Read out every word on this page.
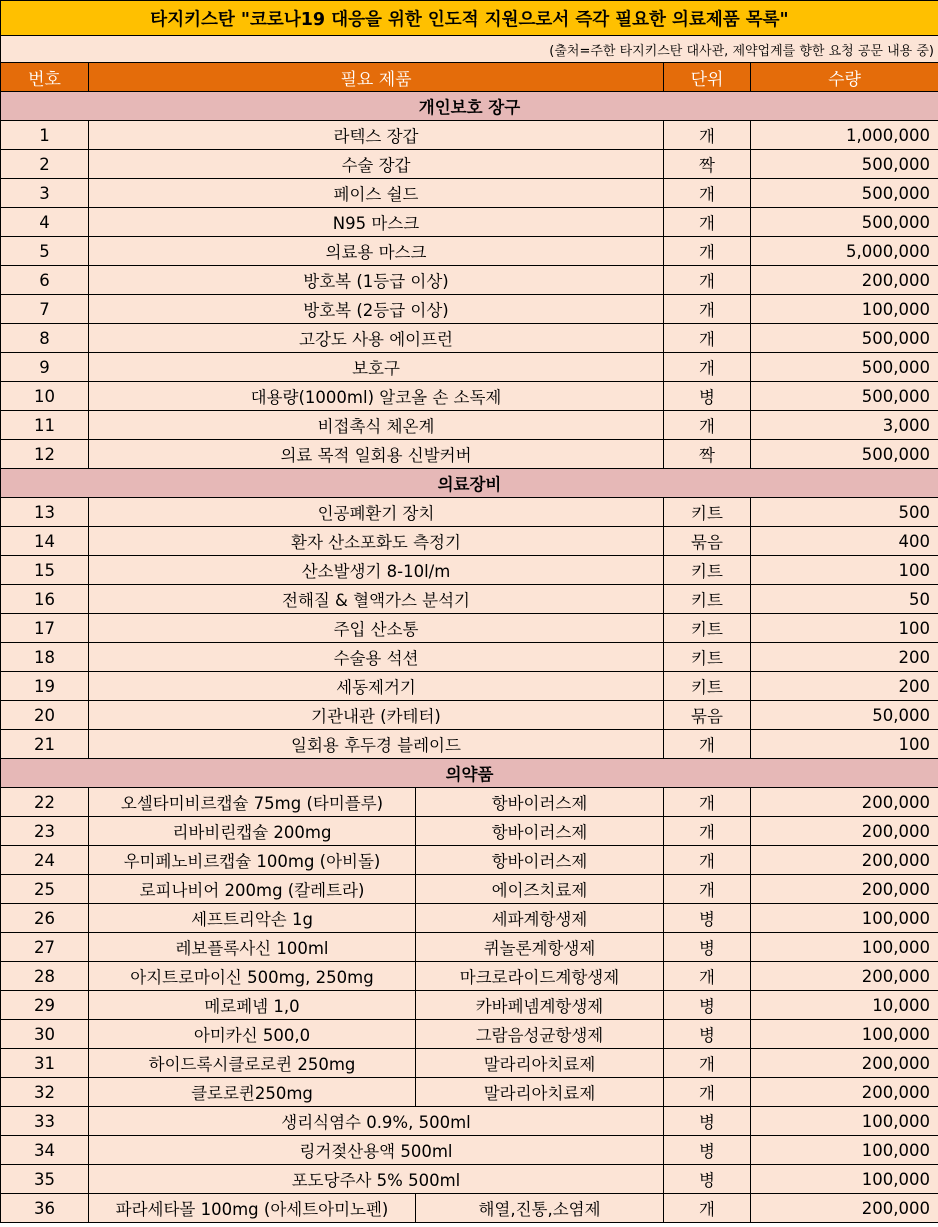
타지키스탄 "코로나19 대응을 위한 인도적 지원으로서 즉각 필요한 의료제품 목록"				
(출처=주한 타지키스탄 대사관, 제약업계를 향한 요청 공문 내용 중)				
번호	필요 제품		단위	수량
개인보호 장구				
1	라텍스 장갑		개	1,000,000
2	수술 장갑		짝	500,000
3	페이스 쉴드		개	500,000
4	N95 마스크		개	500,000
5	의료용 마스크		개	5,000,000
6	방호복 (1등급 이상)		개	200,000
7	방호복 (2등급 이상)		개	100,000
8	고강도 사용 에이프런		개	500,000
9	보호구		개	500,000
10	대용량(1000ml) 알코올 손 소독제		병	500,000
11	비접촉식 체온계		개	3,000
12	의료 목적 일회용 신발커버		짝	500,000
의료장비				
13	인공폐환기 장치		키트	500
14	환자 산소포화도 측정기		묶음	400
15	산소발생기 8-10l/m		키트	100
16	전해질 & 혈액가스 분석기		키트	50
17	주입 산소통		키트	100
18	수술용 석션		키트	200
19	세동제거기		키트	200
20	기관내관 (카테터)		묶음	50,000
21	일회용 후두경 블레이드		개	100
의약품				
22	오셀타미비르캡슐 75mg (타미플루)	항바이러스제	개	200,000
23	리바비린캡슐 200mg	항바이러스제	개	200,000
24	우미페노비르캡슐 100mg (아비돌)	항바이러스제	개	200,000
25	로피나비어 200mg (칼레트라)	에이즈치료제	개	200,000
26	세프트리악손 1g	세파계항생제	병	100,000
27	레보플록사신 100ml	퀴놀론계항생제	병	100,000
28	아지트로마이신 500mg, 250mg	마크로라이드계항생제	개	200,000
29	메로페넴 1,0	카바페넴계항생제	병	10,000
30	아미카신 500,0	그람음성균항생제	병	100,000
31	하이드록시클로로퀸 250mg	말라리아치료제	개	200,000
32	클로로퀸250mg	말라리아치료제	개	200,000
33	생리식염수 0.9%, 500ml		병	100,000
34	링거젖산용액 500ml		병	100,000
35	포도당주사 5% 500ml		병	100,000
36	파라세타몰 100mg (아세트아미노펜)	해열,진통,소염제	개	200,000
